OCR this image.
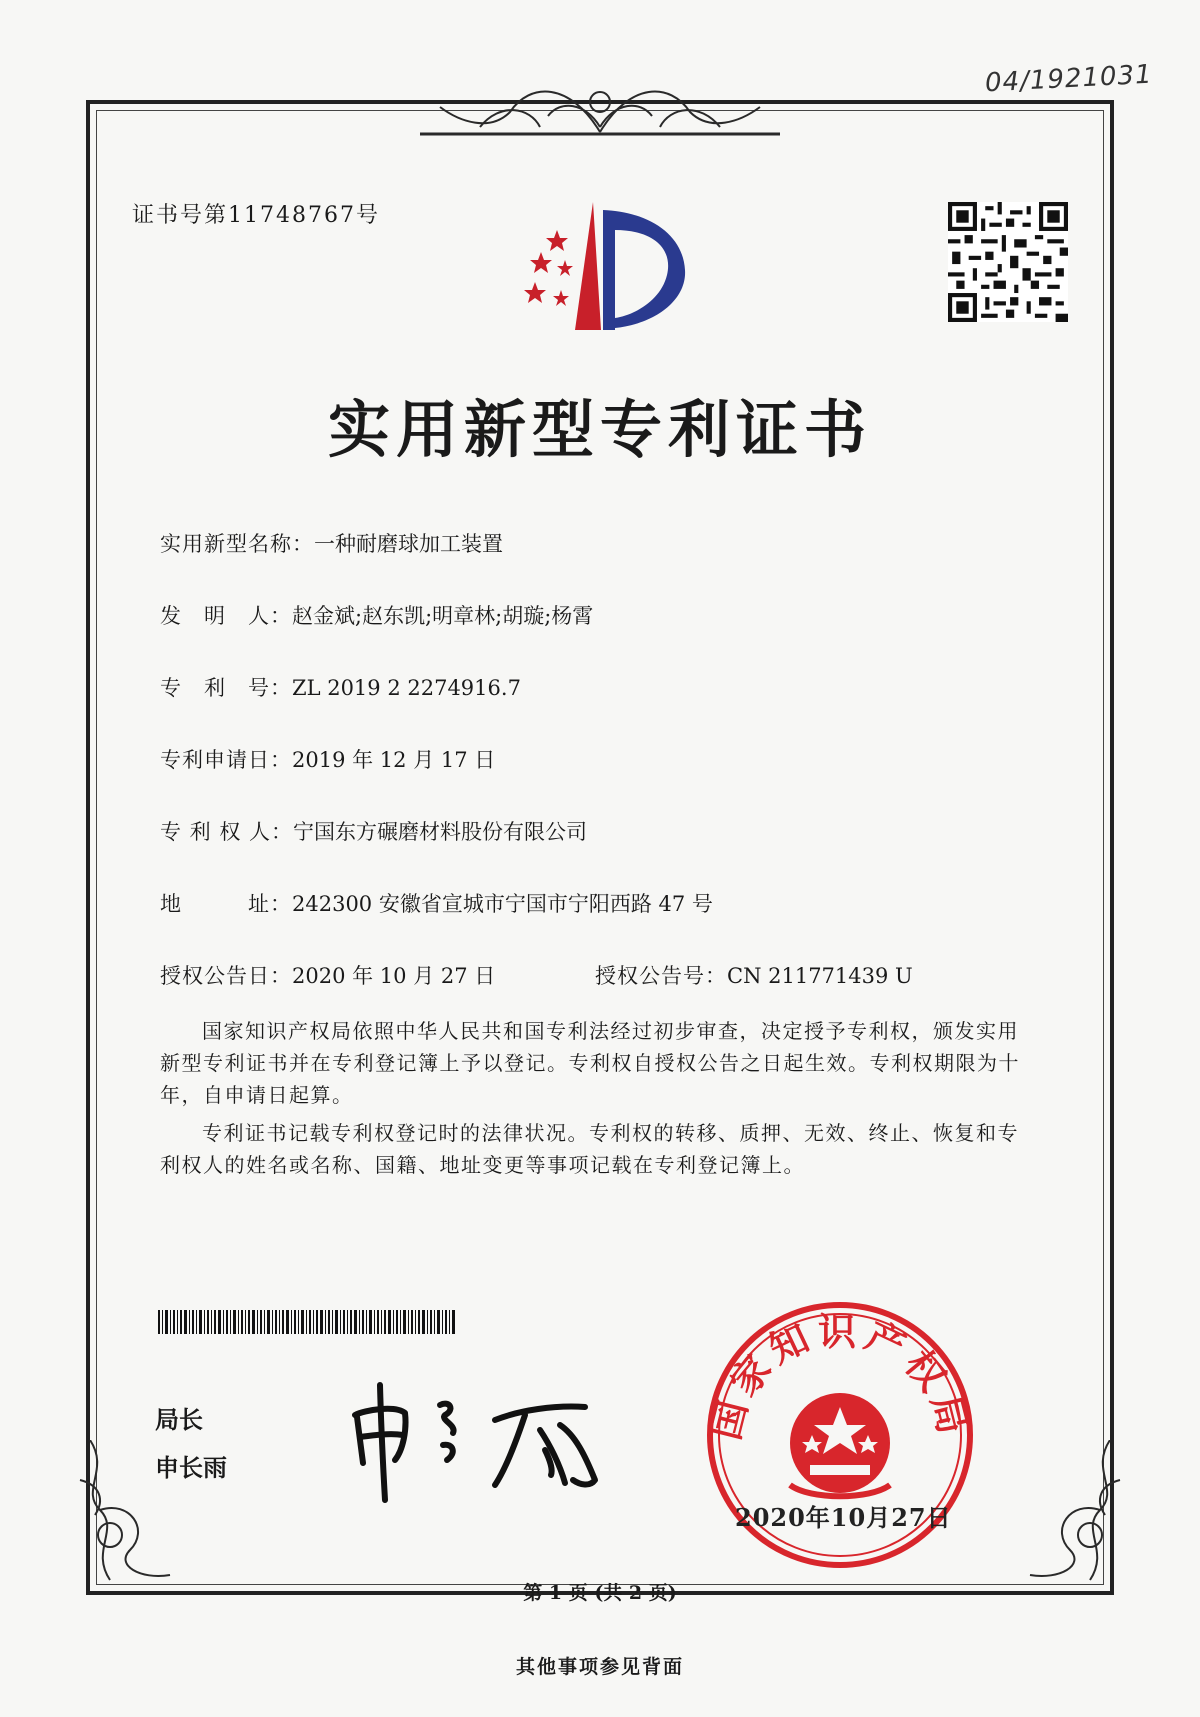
04/1921031
证书号第11748767号
实用新型专利证书
实用新型名称：一种耐磨球加工装置
发　明　人：赵金斌;赵东凯;明章林;胡璇;杨霄
专　利　号：ZL 2019 2 2274916.7
专利申请日：2019 年 12 月 17 日
专 利 权 人：宁国东方碾磨材料股份有限公司
地　　　址：242300 安徽省宣城市宁国市宁阳西路 47 号
授权公告日：2020 年 10 月 27 日	授权公告号：CN 211771439 U
国家知识产权局依照中华人民共和国专利法经过初步审查，决定授予专利权，颁发实用新型专利证书并在专利登记簿上予以登记。专利权自授权公告之日起生效。专利权期限为十年，自申请日起算。
专利证书记载专利权登记时的法律状况。专利权的转移、质押、无效、终止、恢复和专利权人的姓名或名称、国籍、地址变更等事项记载在专利登记簿上。
局长
申长雨
国家知识产权局
2020年10月27日
第 1 页 (共 2 页)
其他事项参见背面
